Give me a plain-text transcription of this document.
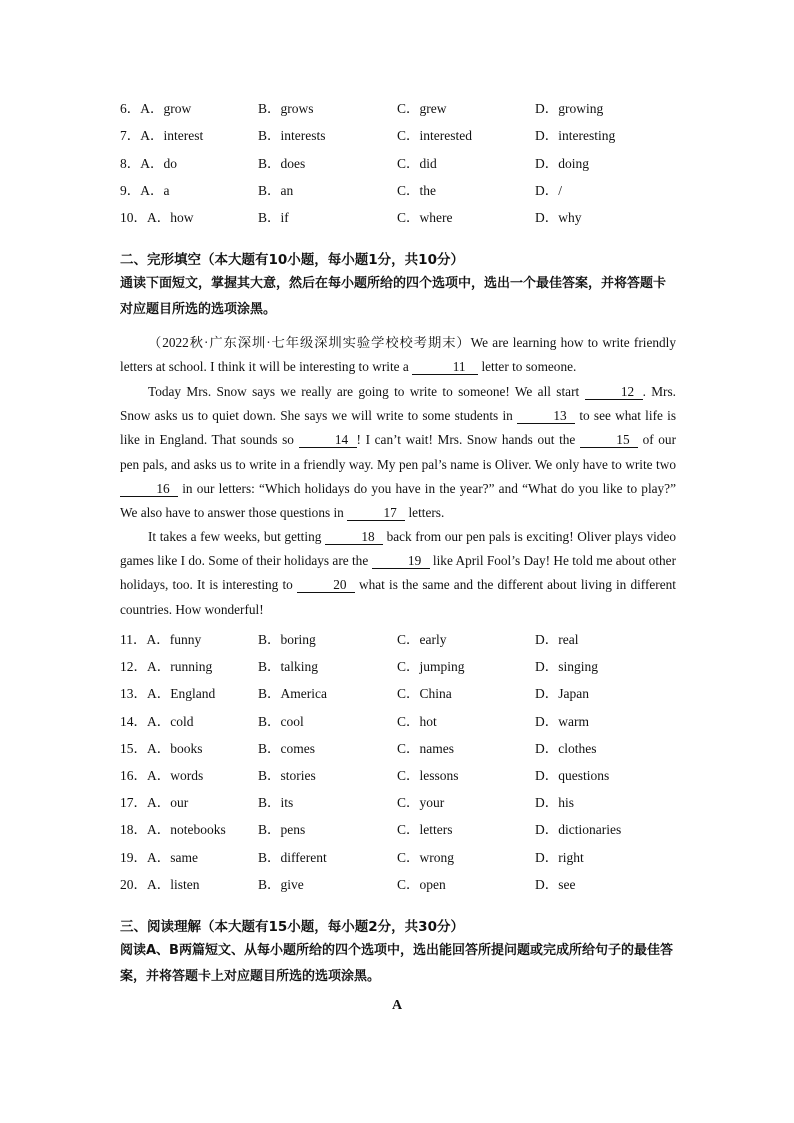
6．A．grow	B．grows	C．grew	D．growing
7．A．interest	B．interests	C．interested	D．interesting
8．A．do	B．does	C．did	D．doing
9．A．a	B．an	C．the	D．/
10．A．how	B．if	C．where	D．why
二、完形填空（本大题有10小题，每小题1分，共10分）
通读下面短文，掌握其大意，然后在每小题所给的四个选项中，选出一个最佳答案，并将答题卡对应题目所选的选项涂黑。
（2022秋·广东深圳·七年级深圳实验学校校考期末）We are learning how to write friendly letters at school. I think it will be interesting to write a	11 letter to someone.
Today Mrs. Snow says we really are going to write to someone! We all start	12 . Mrs. Snow asks us to quiet down. She says we will write to some students in	13 to see what life is like in England. That sounds so	14 ! I can’t wait! Mrs. Snow hands out the	15 of our pen pals, and asks us to write in a friendly way. My pen pal’s name is Oliver. We only have to write two 16 in our letters: “Which holidays do you have in the year?” and “What do you like to play?” We also have to answer those questions in	17 letters.
It takes a few weeks, but getting	18 back from our pen pals is exciting! Oliver plays video games like I do. Some of their holidays are the	19 like April Fool’s Day! He told me about other holidays, too. It is interesting to	20 what is the same and the different about living in different countries. How wonderful!
11．A．funny	B．boring	C．early	D．real
12．A．running	B．talking	C．jumping	D．singing
13．A．England	B．America	C．China	D．Japan
14．A．cold	B．cool	C．hot	D．warm
15．A．books	B．comes	C．names	D．clothes
16．A．words	B．stories	C．lessons	D．questions
17．A．our	B．its	C．your	D．his
18．A．notebooks B．pens	C．letters	D．dictionaries
19．A．same	B．different	C．wrong	D．right
20．A．listen	B．give	C．open	D．see
三、阅读理解（本大题有15小题，每小题2分，共30分）
阅读A、B两篇短文、从每小题所给的四个选项中，选出能回答所提问题或完成所给句子的最佳答案，并将答题卡上对应题目所选的选项涂黑。
A
